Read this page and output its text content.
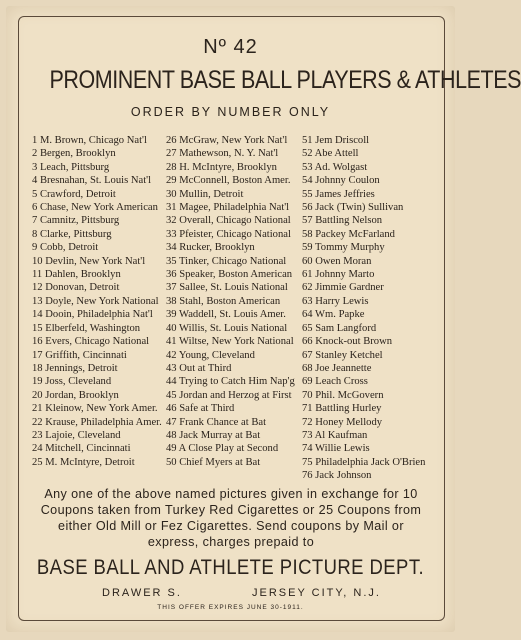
Nº 42
PROMINENT BASE BALL PLAYERS & ATHLETES
ORDER BY NUMBER ONLY
1 M. Brown, Chicago Nat'l
2 Bergen, Brooklyn
3 Leach, Pittsburg
4 Bresnahan, St. Louis Nat'l
5 Crawford, Detroit
6 Chase, New York American
7 Camnitz, Pittsburg
8 Clarke, Pittsburg
9 Cobb, Detroit
10 Devlin, New York Nat'l
11 Dahlen, Brooklyn
12 Donovan, Detroit
13 Doyle, New York National
14 Dooin, Philadelphia Nat'l
15 Elberfeld, Washington
16 Evers, Chicago National
17 Griffith, Cincinnati
18 Jennings, Detroit
19 Joss, Cleveland
20 Jordan, Brooklyn
21 Kleinow, New York Amer.
22 Krause, Philadelphia Amer.
23 Lajoie, Cleveland
24 Mitchell, Cincinnati
25 M. McIntyre, Detroit
26 McGraw, New York Nat'l
27 Mathewson, N. Y. Nat'l
28 H. McIntyre, Brooklyn
29 McConnell, Boston Amer.
30 Mullin, Detroit
31 Magee, Philadelphia Nat'l
32 Overall, Chicago National
33 Pfeister, Chicago National
34 Rucker, Brooklyn
35 Tinker, Chicago National
36 Speaker, Boston American
37 Sallee, St. Louis National
38 Stahl, Boston American
39 Waddell, St. Louis Amer.
40 Willis, St. Louis National
41 Wiltse, New York National
42 Young, Cleveland
43 Out at Third
44 Trying to Catch Him Nap'g
45 Jordan and Herzog at First
46 Safe at Third
47 Frank Chance at Bat
48 Jack Murray at Bat
49 A Close Play at Second
50 Chief Myers at Bat
51 Jem Driscoll
52 Abe Attell
53 Ad. Wolgast
54 Johnny Coulon
55 James Jeffries
56 Jack (Twin) Sullivan
57 Battling Nelson
58 Packey McFarland
59 Tommy Murphy
60 Owen Moran
61 Johnny Marto
62 Jimmie Gardner
63 Harry Lewis
64 Wm. Papke
65 Sam Langford
66 Knock-out Brown
67 Stanley Ketchel
68 Joe Jeannette
69 Leach Cross
70 Phil. McGovern
71 Battling Hurley
72 Honey Mellody
73 Al Kaufman
74 Willie Lewis
75 Philadelphia Jack O'Brien
76 Jack Johnson
Any one of the above named pictures given in exchange for 10 Coupons taken from Turkey Red Cigarettes or 25 Coupons from either Old Mill or Fez Cigarettes. Send coupons by Mail or express, charges prepaid to
BASE BALL AND ATHLETE PICTURE DEPT.
DRAWER S.	JERSEY CITY, N.J.
THIS OFFER EXPIRES JUNE 30-1911.
